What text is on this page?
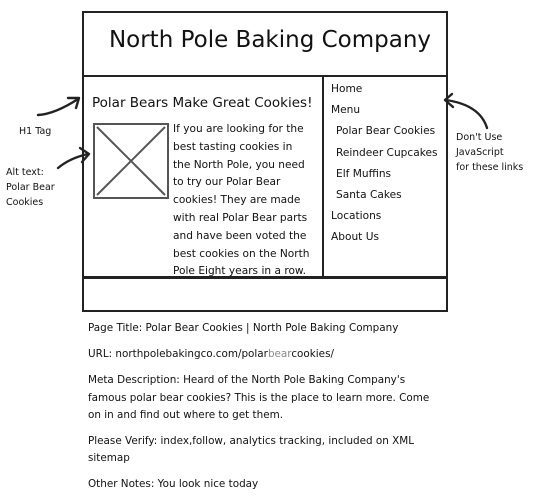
North Pole Baking Company
Polar Bears Make Great Cookies!
If you are looking for the
best tasting cookies in
the North Pole, you need
to try our Polar Bear
cookies! They are made
with real Polar Bear parts
and have been voted the
best cookies on the North
Pole Eight years in a row.
Home
Menu
Polar Bear Cookies
Reindeer Cupcakes
Elf Muffins
Santa Cakes
Locations
About Us
H1 Tag
Alt text:
Polar Bear
Cookies
Don't Use
JavaScript
for these links
Page Title: Polar Bear Cookies | North Pole Baking Company
URL: northpolebakingco.com/polarbearcookies/
Meta Description: Heard of the North Pole Baking Company's
famous polar bear cookies? This is the place to learn more. Come
on in and find out where to get them.
Please Verify: index,follow, analytics tracking, included on XML
sitemap
Other Notes: You look nice today
